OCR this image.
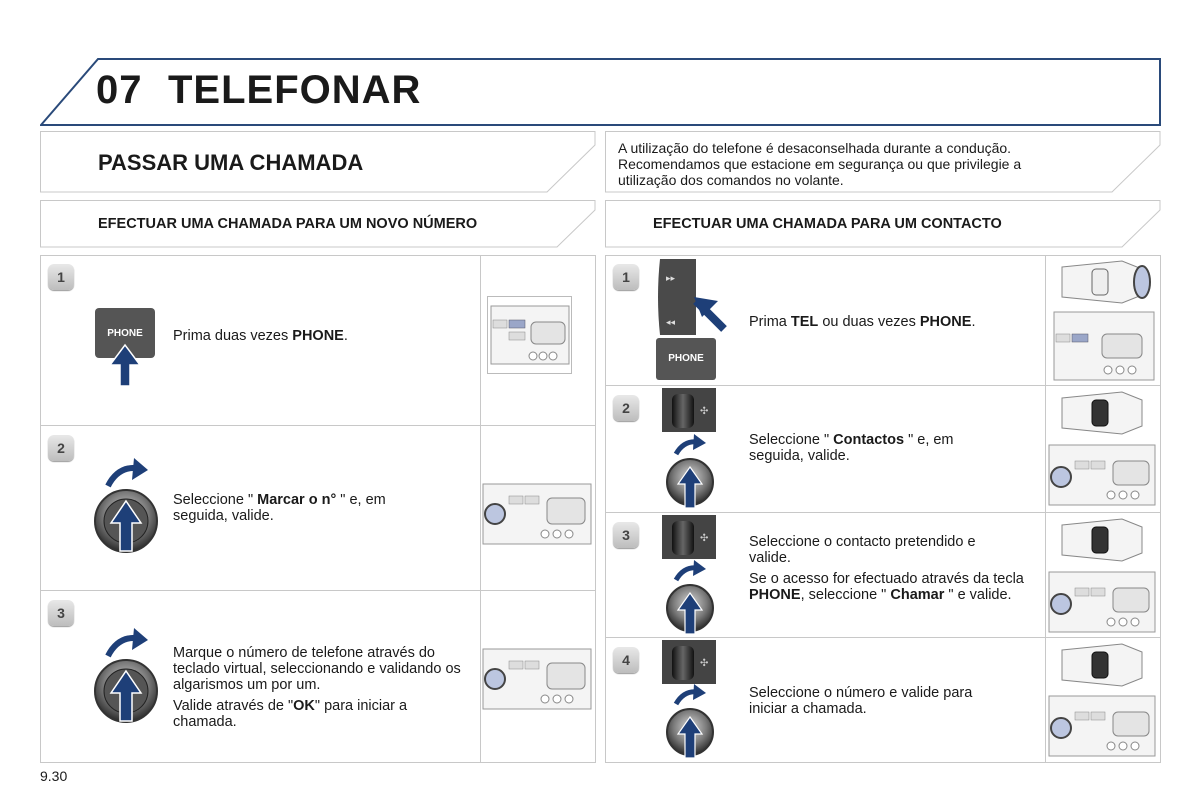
07 TELEFONAR
PASSAR UMA CHAMADA
A utilização do telefone é desaconselhada durante a condução.
Recomendamos que estacione em segurança ou que privilegie a
utilização dos comandos no volante.
EFECTUAR UMA CHAMADA PARA UM NOVO NÚMERO	EFECTUAR UMA CHAMADA PARA UM CONTACTO
1
PHONE	Prima duas vezes PHONE.
2
Seleccione " Marcar o n° " e, em seguida, valide.
3
Marque o número de telefone através do teclado virtual, seleccionando e validando os algarismos um por um.
Valide através de "OK" para iniciar a chamada.
1	▸▸
◂◂
PHONE
Prima TEL ou duas vezes PHONE.
2	✣
Seleccione " Contactos " e, em seguida, valide.
3	✣	Seleccione o contacto pretendido e valide.
Se o acesso for efectuado através da tecla PHONE, seleccione " Chamar " e valide.
4	✣
Seleccione o número e valide para iniciar a chamada.
9.30
